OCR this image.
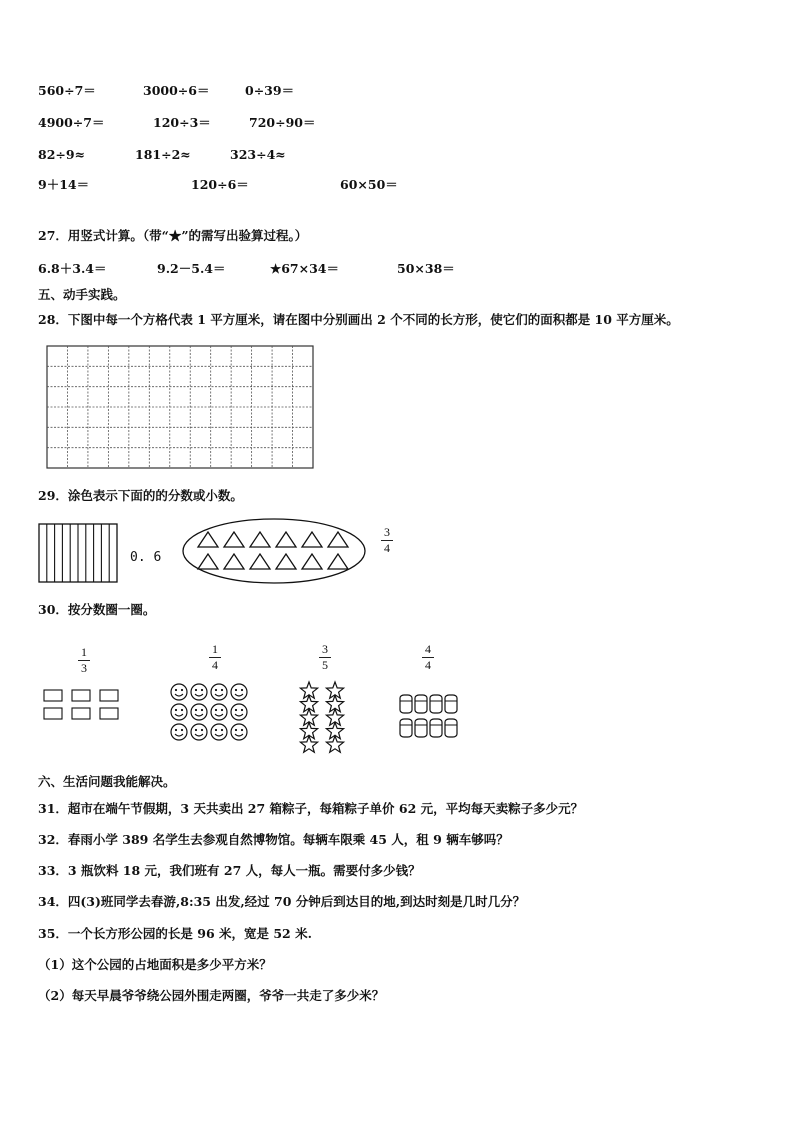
560÷7＝	3000÷6＝	0÷39＝
4900÷7＝	120÷3＝	720÷90＝
82÷9≈	181÷2≈	323÷4≈
9＋14＝	120÷6＝	60×50＝
27．用竖式计算。（带“★”的需写出验算过程。）
6.8＋3.4＝	9.2－5.4＝	★67×34＝	50×38＝
五、动手实践。
28．下图中每一个方格代表 1 平方厘米，请在图中分别画出 2 个不同的长方形，使它们的面积都是 10 平方厘米。
29．涂色表示下面的的分数或小数。
0. 6
3
4
30．按分数圈一圈。
1
3
1
4
3
5
4
4
六、生活问题我能解决。
31．超市在端午节假期，3 天共卖出 27 箱粽子，每箱粽子单价 62 元，平均每天卖粽子多少元？
32．春雨小学 389 名学生去参观自然博物馆。每辆车限乘 45 人，租 9 辆车够吗？
33．3 瓶饮料 18 元，我们班有 27 人，每人一瓶。需要付多少钱？
34．四(3)班同学去春游,8:35 出发,经过 70 分钟后到达目的地,到达时刻是几时几分？
35．一个长方形公园的长是 96 米，宽是 52 米.
（1）这个公园的占地面积是多少平方米？
（2）每天早晨爷爷绕公园外围走两圈，爷爷一共走了多少米？
